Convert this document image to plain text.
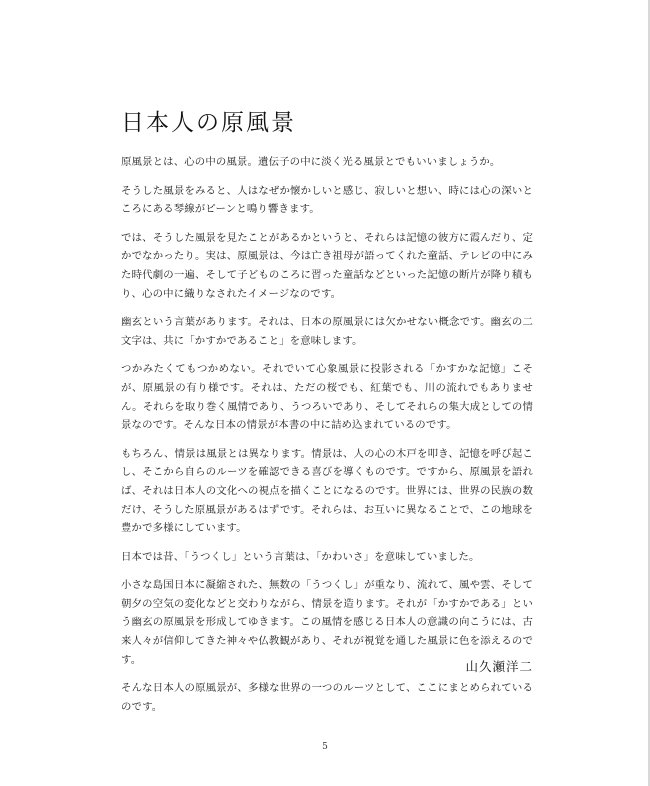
日本人の原風景

原風景とは、心の中の風景。遺伝子の中に淡く光る風景とでもいいましょうか。

そうした風景をみると、人はなぜか懐かしいと感じ、寂しいと想い、時には心の深いところにある琴線がピーンと鳴り響きます。

では、そうした風景を見たことがあるかというと、それらは記憶の彼方に霞んだり、定かでなかったり。実は、原風景は、今は亡き祖母が語ってくれた童話、テレビの中にみた時代劇の一遍、そして子どものころに習った童話などといった記憶の断片が降り積もり、心の中に織りなされたイメージなのです。

幽玄という言葉があります。それは、日本の原風景には欠かせない概念です。幽玄の二文字は、共に「かすかであること」を意味します。

つかみたくてもつかめない。それでいて心象風景に投影される「かすかな記憶」こそが、原風景の有り様です。それは、ただの桜でも、紅葉でも、川の流れでもありません。それらを取り巻く風情であり、うつろいであり、そしてそれらの集大成としての情景なのです。そんな日本の情景が本書の中に詰め込まれているのです。

もちろん、情景は風景とは異なります。情景は、人の心の木戸を叩き、記憶を呼び起こし、そこから自らのルーツを確認できる喜びを導くものです。ですから、原風景を語れば、それは日本人の文化への視点を描くことになるのです。世界には、世界の民族の数だけ、そうした原風景があるはずです。それらは、お互いに異なることで、この地球を豊かで多様にしています。

日本では昔、「うつくし」という言葉は、「かわいさ」を意味していました。

小さな島国日本に凝縮された、無数の「うつくし」が重なり、流れて、風や雲、そして朝夕の空気の変化などと交わりながら、情景を造ります。それが「かすかである」という幽玄の原風景を形成してゆきます。この風情を感じる日本人の意識の向こうには、古来人々が信仰してきた神々や仏教観があり、それが視覚を通した風景に色を添えるのです。

そんな日本人の原風景が、多様な世界の一つのルーツとして、ここにまとめられているのです。

山久瀬洋二
5
